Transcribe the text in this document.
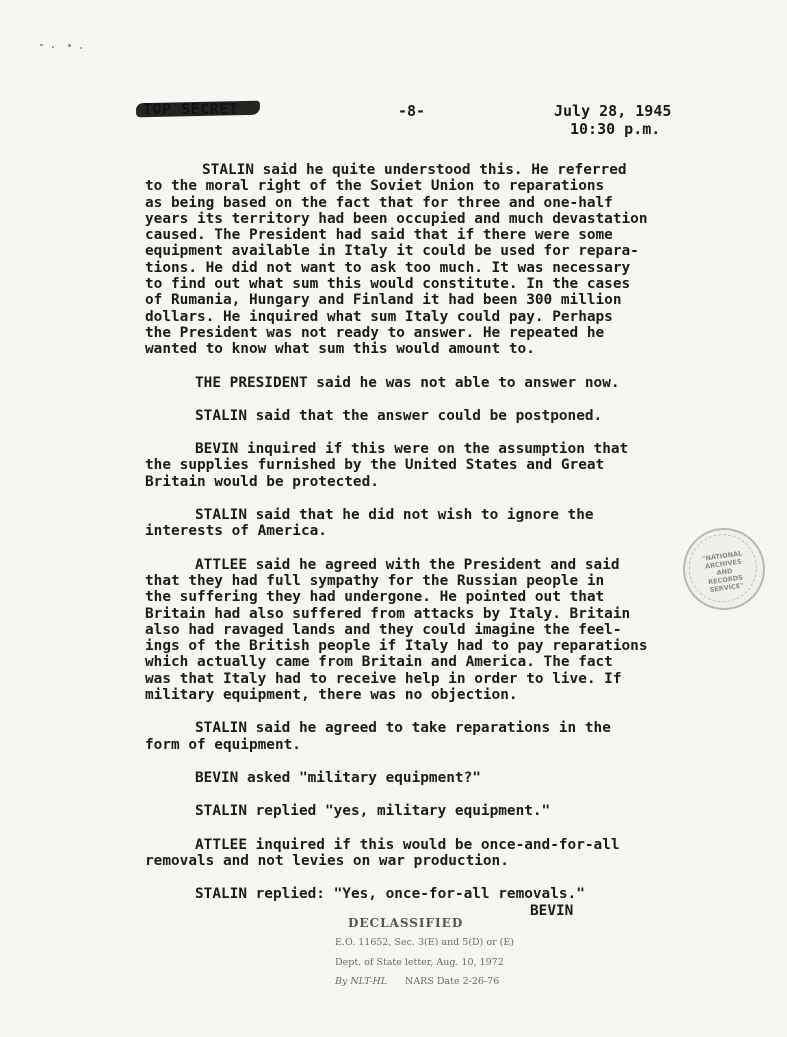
-8-	July 28, 1945
10:30 p.m.

STALIN said he quite understood this. He referred
to the moral right of the Soviet Union to reparations
as being based on the fact that for three and one-half
years its territory had been occupied and much devastation
caused. The President had said that if there were some
equipment available in Italy it could be used for repara-
tions. He did not want to ask too much. It was necessary
to find out what sum this would constitute. In the cases
of Rumania, Hungary and Finland it had been 300 million
dollars. He inquired what sum Italy could pay. Perhaps
the President was not ready to answer. He repeated he
wanted to know what sum this would amount to.

THE PRESIDENT said he was not able to answer now.

STALIN said that the answer could be postponed.

BEVIN inquired if this were on the assumption that
the supplies furnished by the United States and Great
Britain would be protected.

STALIN said that he did not wish to ignore the
interests of America.

ATTLEE said he agreed with the President and said
that they had full sympathy for the Russian people in
the suffering they had undergone. He pointed out that
Britain had also suffered from attacks by Italy. Britain
also had ravaged lands and they could imagine the feel-
ings of the British people if Italy had to pay reparations
which actually came from Britain and America. The fact
was that Italy had to receive help in order to live. If
military equipment, there was no objection.

STALIN said he agreed to take reparations in the
form of equipment.

BEVIN asked "military equipment?"

STALIN replied "yes, military equipment."

ATTLEE inquired if this would be once-and-for-all
removals and not levies on war production.

STALIN replied: "Yes, once-for-all removals."

BEVIN
"NATIONAL ARCHIVES AND RECORDS SERVICE"
DECLASSIFIED
E.O. 11652, Sec. 3(E) and 5(D) or (E)
Dept. of State letter, Aug. 10, 1972
By NLT-HL NARS Date 2-26-76
